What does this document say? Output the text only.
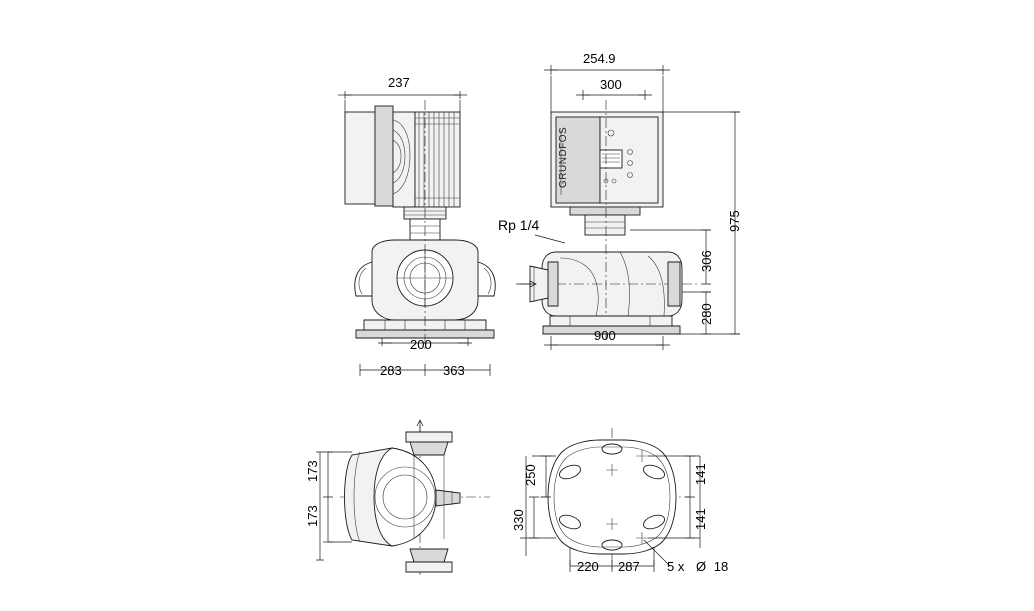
GRUNDFOS
237
200
283	363
254.9
300
975
306
280
900
Rp 1/4
173
173
250
330
141
141
220 287 5 x Ø 18
